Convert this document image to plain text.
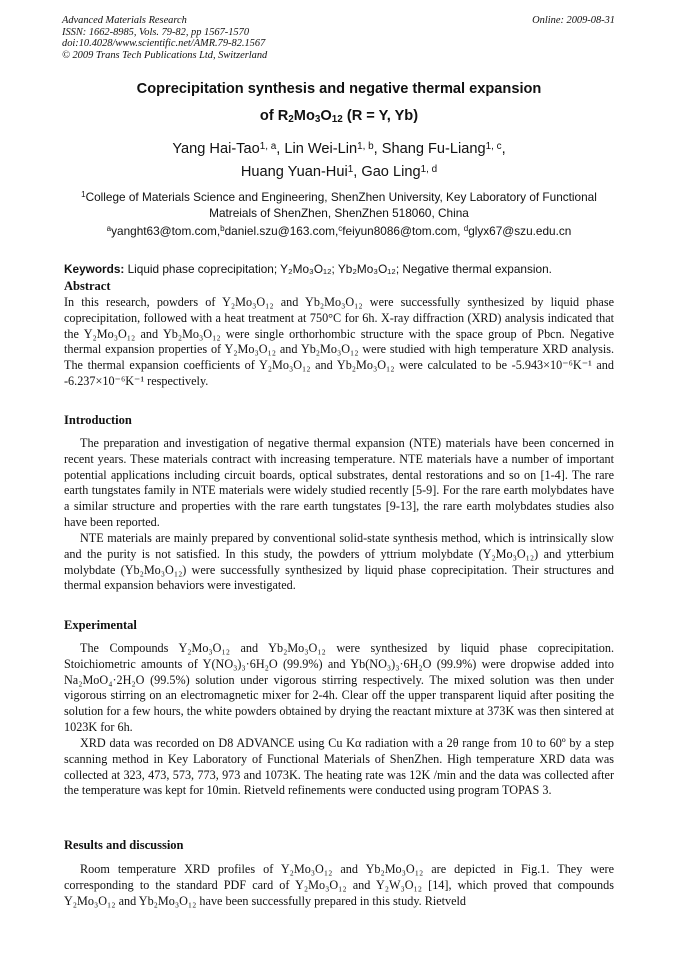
Advanced Materials Research
ISSN: 1662-8985, Vols. 79-82, pp 1567-1570
doi:10.4028/www.scientific.net/AMR.79-82.1567
© 2009 Trans Tech Publications Ltd, Switzerland
Online: 2009-08-31
Coprecipitation synthesis and negative thermal expansion
of $R_2Mo_3O_{12}$ (R = Y, Yb)
Yang Hai-Tao$^{1, a}$, Lin Wei-Lin$^{1, b}$, Shang Fu-Liang$^{1, c}$,
Huang Yuan-Hui$^1$, Gao Ling$^{1, d}$
$^1$College of Materials Science and Engineering, ShenZhen University, Key Laboratory of Functional Matreials of ShenZhen, ShenZhen 518060, China
$^a$yanght63@tom.com,$^b$daniel.szu@163.com,$^c$feiyun8086@tom.com, $^d$glyx67@szu.edu.cn
Keywords: Liquid phase coprecipitation; Y₂Mo₃O₁₂; Yb₂Mo₃O₁₂; Negative thermal expansion.
Abstract
In this research, powders of Y₂Mo₃O₁₂ and Yb₂Mo₃O₁₂ were successfully synthesized by liquid phase coprecipitation, followed with a heat treatment at 750°C for 6h. X-ray diffraction (XRD) analysis indicated that the Y₂Mo₃O₁₂ and Yb₂Mo₃O₁₂ were single orthorhombic structure with the space group of Pbcn. Negative thermal expansion properties of Y₂Mo₃O₁₂ and Yb₂Mo₃O₁₂ were studied with high temperature XRD analysis. The thermal expansion coefficients of Y₂Mo₃O₁₂ and Yb₂Mo₃O₁₂ were calculated to be -5.943×10⁻⁶K⁻¹ and -6.237×10⁻⁶K⁻¹ respectively.
Introduction
The preparation and investigation of negative thermal expansion (NTE) materials have been concerned in recent years. These materials contract with increasing temperature. NTE materials have a number of important potential applications including circuit boards, optical substrates, dental restorations and so on [1-4]. The rare earth tungstates family in NTE materials were widely studied recently [5-9]. For the rare earth molybdates have a similar structure and properties with the rare earth tungstates [9-13], the rare earth molybdates studies also have been reported.
NTE materials are mainly prepared by conventional solid-state synthesis method, which is intrinsically slow and the purity is not satisfied. In this study, the powders of yttrium molybdate (Y₂Mo₃O₁₂) and ytterbium molybdate (Yb₂Mo₃O₁₂) were successfully synthesized by liquid phase coprecipitation. Their structures and thermal expansion behaviors were investigated.
Experimental
The Compounds Y₂Mo₃O₁₂ and Yb₂Mo₃O₁₂ were synthesized by liquid phase coprecipitation. Stoichiometric amounts of Y(NO₃)₃·6H₂O (99.9%) and Yb(NO₃)₃·6H₂O (99.9%) were dropwise added into Na₂MoO₄·2H₂O (99.5%) solution under vigorous stirring respectively. The mixed solution was then under vigorous stirring on an electromagnetic mixer for 2-4h. Clear off the upper transparent liquid after positing the solution for a few hours, the white powders obtained by drying the reactant mixture at 373K was then sintered at 1023K for 6h.
XRD data was recorded on D8 ADVANCE using Cu Kα radiation with a 2θ range from 10 to 60º by a step scanning method in Key Laboratory of Functional Materials of ShenZhen. High temperature XRD data was collected at 323, 473, 573, 773, 973 and 1073K. The heating rate was 12K /min and the data was collected after the temperature was kept for 10min. Rietveld refinements were conducted using program TOPAS 3.
Results and discussion
Room temperature XRD profiles of Y₂Mo₃O₁₂ and Yb₂Mo₃O₁₂ are depicted in Fig.1. They were corresponding to the standard PDF card of Y₂Mo₃O₁₂ and Y₂W₃O₁₂ [14], which proved that compounds Y₂Mo₃O₁₂ and Yb₂Mo₃O₁₂ have been successfully prepared in this study. Rietveld
